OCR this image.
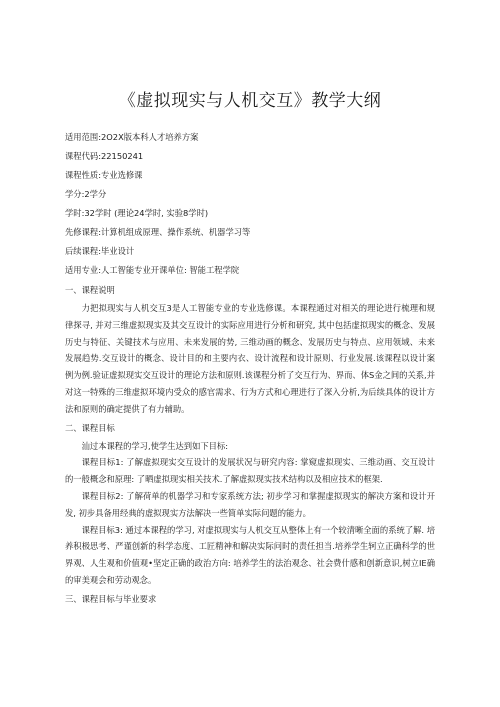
《虚拟现实与人机交互》教学大纲
适用范围:2O2X版本科人才培养方案
课程代码:22150241
课程性质:专业选修课
学分:2学分
学时:32学时 (理论24学时, 实验8学时)
先修课程:计算机组成原理、操作系统、机器学习等
后续课程:毕业设计
适用专业:人工智能专业开课单位: 智能工程学院
一、课程说明

力把拟现实与人机交互3是人工智能专业的专业选修课。本课程通过对相关的理论进行梳理和规律探寻, 并对三维虚拟现实及其交互设计的实际应用进行分析和研究, 其中包括虚拟现实的概念、发展历史与特征、关键技术与应用、未来发展的势, 三维动画的概念、发展历史与特点、应用领域、未来发展趋势.交互设计的概念、设计目的和主要内衣、设计流程和设计原则、行业发展.该课程以设计案例为例.验证虚拟现实交互设计的理论方法和原则.该课程分析了交互行为、界而、体S金之间的关系,并对这一特殊的三维虚拟环境内受众的感官需求、行为方式和心理进行了深入分析,为后续具体的设计方法和原则的确定提供了有力辅助。

二、课程目标

汕过本课程的学习,使学生达到如下目标:

课程目标1: 了解虚拟现实交互设计的发展状况与研究内容: 掌窥虚拟现实、三维动画、交互设计的一般概念和原理: 了晒虚拟现实相关技术.了解虚拟现实技术结构以及相应技术的框架.

课程目标2: 了解荷单的机器学习和专家系统方法; 初步学习和掌握虚拟现实的解决方案和设计开发, 初步具备用经典的虚拟现实方法解决一些简单实际问题的能力。

课程目标3: 通过本课程的学习, 对虚拟现实与人机交互从整体上有一个较清晰全面的系统了解. 培养积极思考、严谨创新的科学态度、工匠精神和解决实际问时的责任担当.培养学生轲立正确科学的世界观、人生观和价值观•坚定正确的政治方向: 培养学生的法治观念、社会费什感和创新意识,树立IE确的审美观会和劳动观念。

三、课程目标与毕业要求
